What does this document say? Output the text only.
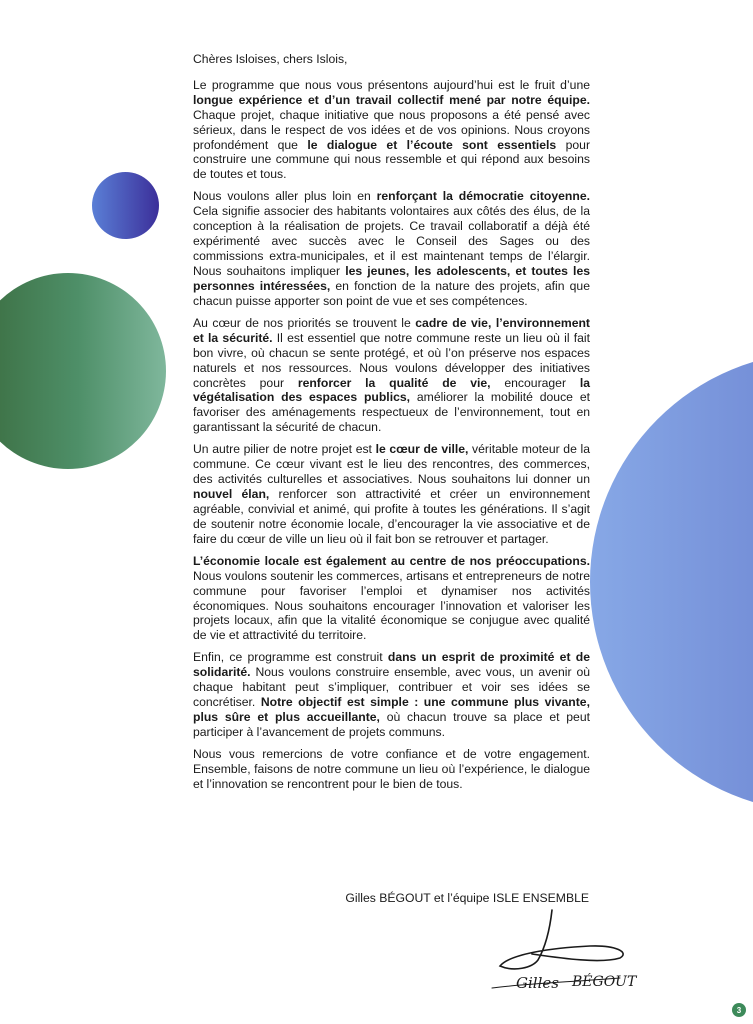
Chères Isloises, chers Islois,

Le programme que nous vous présentons aujourd’hui est le fruit d’une longue expérience et d’un travail collectif mené par notre équipe. Chaque projet, chaque initiative que nous proposons a été pensé avec sérieux, dans le respect de vos idées et de vos opinions. Nous croyons profondément que le dialogue et l’écoute sont essentiels pour construire une commune qui nous ressemble et qui répond aux besoins de toutes et tous.

Nous voulons aller plus loin en renforçant la démocratie citoyenne. Cela signifie associer des habitants volontaires aux côtés des élus, de la conception à la réalisation de projets. Ce travail collaboratif a déjà été expérimenté avec succès avec le Conseil des Sages ou des commissions extra-municipales, et il est maintenant temps de l’élargir. Nous souhaitons impliquer les jeunes, les adolescents, et toutes les personnes intéressées, en fonction de la nature des projets, afin que chacun puisse apporter son point de vue et ses compétences.

Au cœur de nos priorités se trouvent le cadre de vie, l’environnement et la sécurité. Il est essentiel que notre commune reste un lieu où il fait bon vivre, où chacun se sente protégé, et où l’on préserve nos espaces naturels et nos ressources. Nous voulons développer des initiatives concrètes pour renforcer la qualité de vie, encourager la végétalisation des espaces publics, améliorer la mobilité douce et favoriser des aménagements respectueux de l’environnement, tout en garantissant la sécurité de chacun.

Un autre pilier de notre projet est le cœur de ville, véritable moteur de la commune. Ce cœur vivant est le lieu des rencontres, des commerces, des activités culturelles et associatives. Nous souhaitons lui donner un nouvel élan, renforcer son attractivité et créer un environnement agréable, convivial et animé, qui profite à toutes les générations. Il s’agit de soutenir notre économie locale, d’encourager la vie associative et de faire du cœur de ville un lieu où il fait bon se retrouver et partager.

L’économie locale est également au centre de nos préoccupations. Nous voulons soutenir les commerces, artisans et entrepreneurs de notre commune pour favoriser l’emploi et dynamiser nos activités économiques. Nous souhaitons encourager l’innovation et valoriser les projets locaux, afin que la vitalité économique se conjugue avec qualité de vie et attractivité du territoire.

Enfin, ce programme est construit dans un esprit de proximité et de solidarité. Nous voulons construire ensemble, avec vous, un avenir où chaque habitant peut s’impliquer, contribuer et voir ses idées se concrétiser. Notre objectif est simple : une commune plus vivante, plus sûre et plus accueillante, où chacun trouve sa place et peut participer à l’avancement de projets communs.

Nous vous remercions de votre confiance et de votre engagement. Ensemble, faisons de notre commune un lieu où l’expérience, le dialogue et l’innovation se rencontrent pour le bien de tous.

Gilles BÉGOUT et l’équipe ISLE ENSEMBLE
Gilles BÉGOUT
3
